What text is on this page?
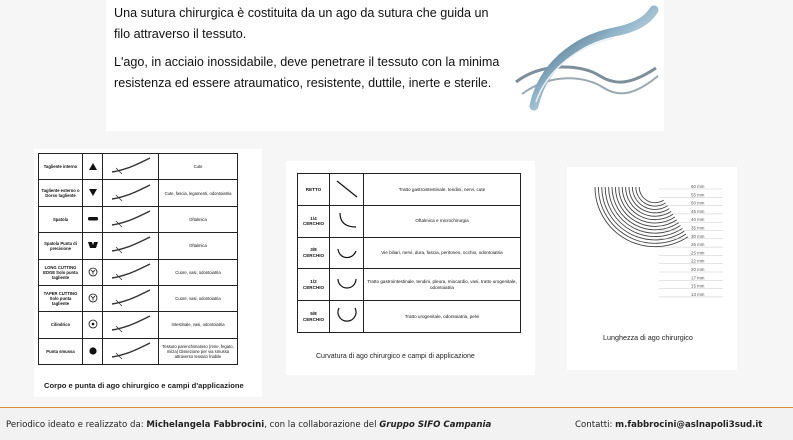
Una sutura chirurgica è costituita da un ago da sutura che guida un filo attraverso il tessuto.

L'ago, in acciaio inossidabile, deve penetrare il tessuto con la minima resistenza ed essere atraumatico, resistente, duttile, inerte e sterile.

Tagliente interno			Cute
Tagliente esterno o Dorso tagliente			Cute, fascia, legamenti, odontoiatria
Spatola			Oftalmica
Spatola Punta di precisione			Oftalmica
LONG CUTTING EDGE Solo punta tagliente			Cuore, vasi, odontoiatria
TAPER CUTTING Solo punta tagliente			Cuore, vasi, odontoiatria
Cilindrico			Intestinale, vasi, odontoiatria
Punta smussa			Tessuto parenchimatoso (rene, fegato, milza) Dissezione per via smussa attraverso tessuto friabile
Corpo e punta di ago chirurgico e campi d'applicazione
RETTO		Tratto gastrointestinale, tendini, nervi, cute
1/4 CERCHIO		Oftalmica e microchirurgia
3/8 CERCHIO		Vie biliari, nervi, dura, fascia, peritoneo, occhio, odontoiatria
1/2 CERCHIO		Tratto gastrointestinale, tendini, pleura, miocardio, vasi, tratto urogenitale, odontoiatria
5/8 CERCHIO		Tratto urogenitale, odontoiatria, pelvi
Curvatura di ago chirurgico e campi di applicazione
60 mm
55 mm
50 mm
45 mm
40 mm
35 mm
30 mm
26 mm
25 mm
22 mm
20 mm
17 mm
15 mm
13 mm
Lunghezza di ago chirurgico
Periodico ideato e realizzato da: Michelangela Fabbrocini, con la collaborazione del Gruppo SIFO Campania	Contatti: m.fabbrocini@aslnapoli3sud.it
